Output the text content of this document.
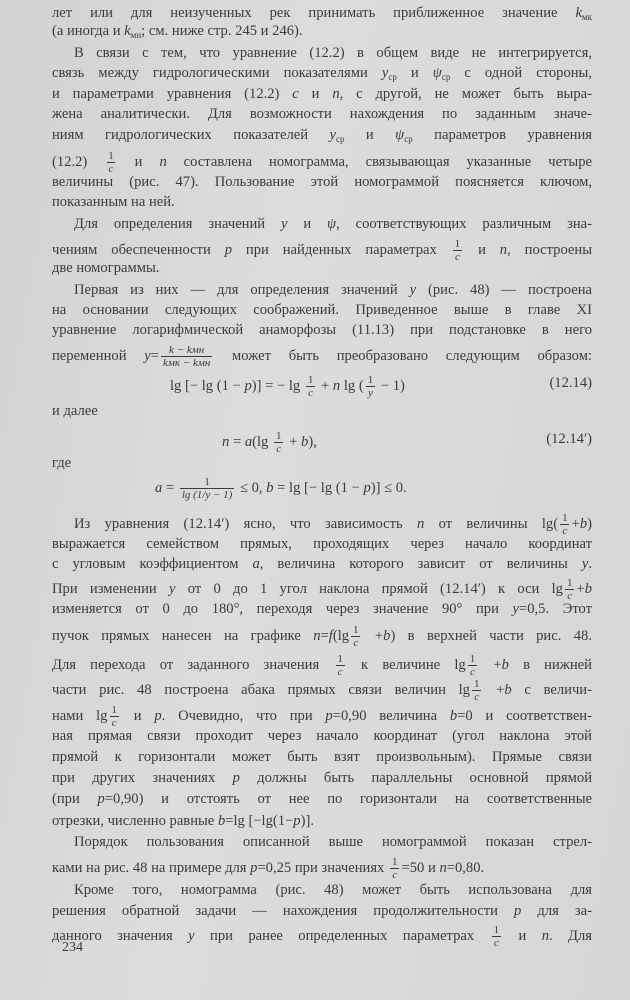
лет или для неизученных рек принимать приближенное значение $k_{мк}$
(а иногда и $k_{мн}$; см. ниже стр. 245 и 246).
В связи с тем, что уравнение (12.2) в общем виде не интегрируется,
связь между гидрологическими показателями $y_{ср}$ и $\psi_{ср}$ с одной стороны,
и параметрами уравнения (12.2) c и n, с другой, не может быть выра-
жена аналитически. Для возможности нахождения по заданным значе-
ниям гидрологических показателей $y_{ср}$ и $\psi_{ср}$ параметров уравнения
$(12.2) \frac{1}{c}$ и n составлена номограмма, связывающая указанные четыре
величины (рис. 47). Пользование этой номограммой поясняется ключом,
показанным на ней.
Для определения значений y и ψ, соответствующих различным зна-
чениям обеспеченности p при найденных параметрах $\frac{1}{c}$ и n, построены
две номограммы.
Первая из них — для определения значений y (рис. 48) — построена
на основании следующих соображений. Приведенное выше в главе XI
уравнение логарифмической анаморфозы (11.13) при подстановке в него
переменной $y= \frac{\text{k − kмн}}{\text{kмк − kмн}}$ может быть преобразовано следующим образом:
lg [− lg (1 − p)] = − $\lg \frac{1}{c} + n$ lg ( $\frac{1}{y} - 1$)	(12.14)
и далее
$n = a(\lg \frac{1}{c} + b)$,	(12.14′)
где
$a = \frac{1}{\lg (1/y - 1)} \le 0$, b = lg [− lg (1 − p)] ≤ 0.
Из уравнения (12.14′) ясно, что зависимость n от величины $\lg( \frac{1}{c} +b)$
выражается семейством прямых, проходящих через начало координат
с угловым коэффициентом a, величина которого зависит от величины y.
При изменении y от 0 до 1 угол наклона прямой (12.14′) к оси $\lg \frac{1}{c} +b$
изменяется от 0 до 180°, переходя через значение 90° при y=0,5. Этот
пучок прямых нанесен на графике $n=f(\lg \frac{1}{c} +b)$ в верхней части рис. 48.
Для перехода от заданного значения $\frac{1}{c}$ к величине $\lg \frac{1}{c} +b$ в нижней
части рис. 48 построена абака прямых связи величин $\lg \frac{1}{c} +b$ с величи-
нами $\lg \frac{1}{c}$ и p. Очевидно, что при p=0,90 величина b=0 и соответствен-
ная прямая связи проходит через начало координат (угол наклона этой
прямой к горизонтали может быть взят произвольным). Прямые связи
при других значениях p должны быть параллельны основной прямой
(при p=0,90) и отстоять от нее по горизонтали на соответственные
отрезки, численно равные b=lg [−lg(1−p)].
Порядок пользования описанной выше номограммой показан стрел-
ками на рис. 48 на примере для p=0,25 при значениях $\frac{1}{c} =50$ и n=0,80.
Кроме того, номограмма (рис. 48) может быть использована для
решения обратной задачи — нахождения продолжительности p для за-
данного значения y при ранее определенных параметрах $\frac{1}{c}$ и n. Для
234
